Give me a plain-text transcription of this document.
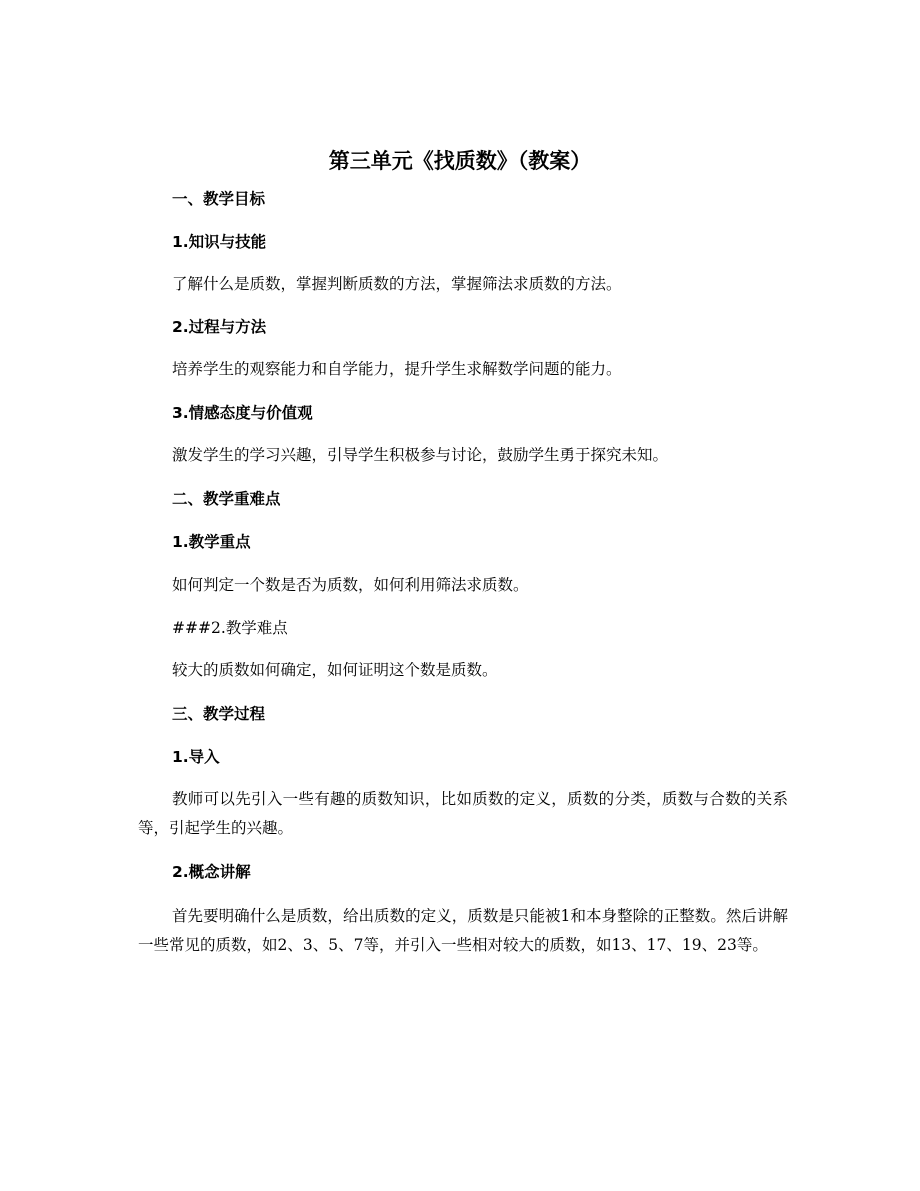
第三单元《找质数》（教案）

一、教学目标

1.知识与技能

了解什么是质数，掌握判断质数的方法，掌握筛法求质数的方法。

2.过程与方法

培养学生的观察能力和自学能力，提升学生求解数学问题的能力。

3.情感态度与价值观

激发学生的学习兴趣，引导学生积极参与讨论，鼓励学生勇于探究未知。

二、教学重难点

1.教学重点

如何判定一个数是否为质数，如何利用筛法求质数。

###2.教学难点

较大的质数如何确定，如何证明这个数是质数。

三、教学过程

1.导入

教师可以先引入一些有趣的质数知识，比如质数的定义，质数的分类，质数与合数的关系等，引起学生的兴趣。

2.概念讲解

首先要明确什么是质数，给出质数的定义，质数是只能被1和本身整除的正整数。然后讲解一些常见的质数，如2、3、5、7等，并引入一些相对较大的质数，如13、17、19、23等。
